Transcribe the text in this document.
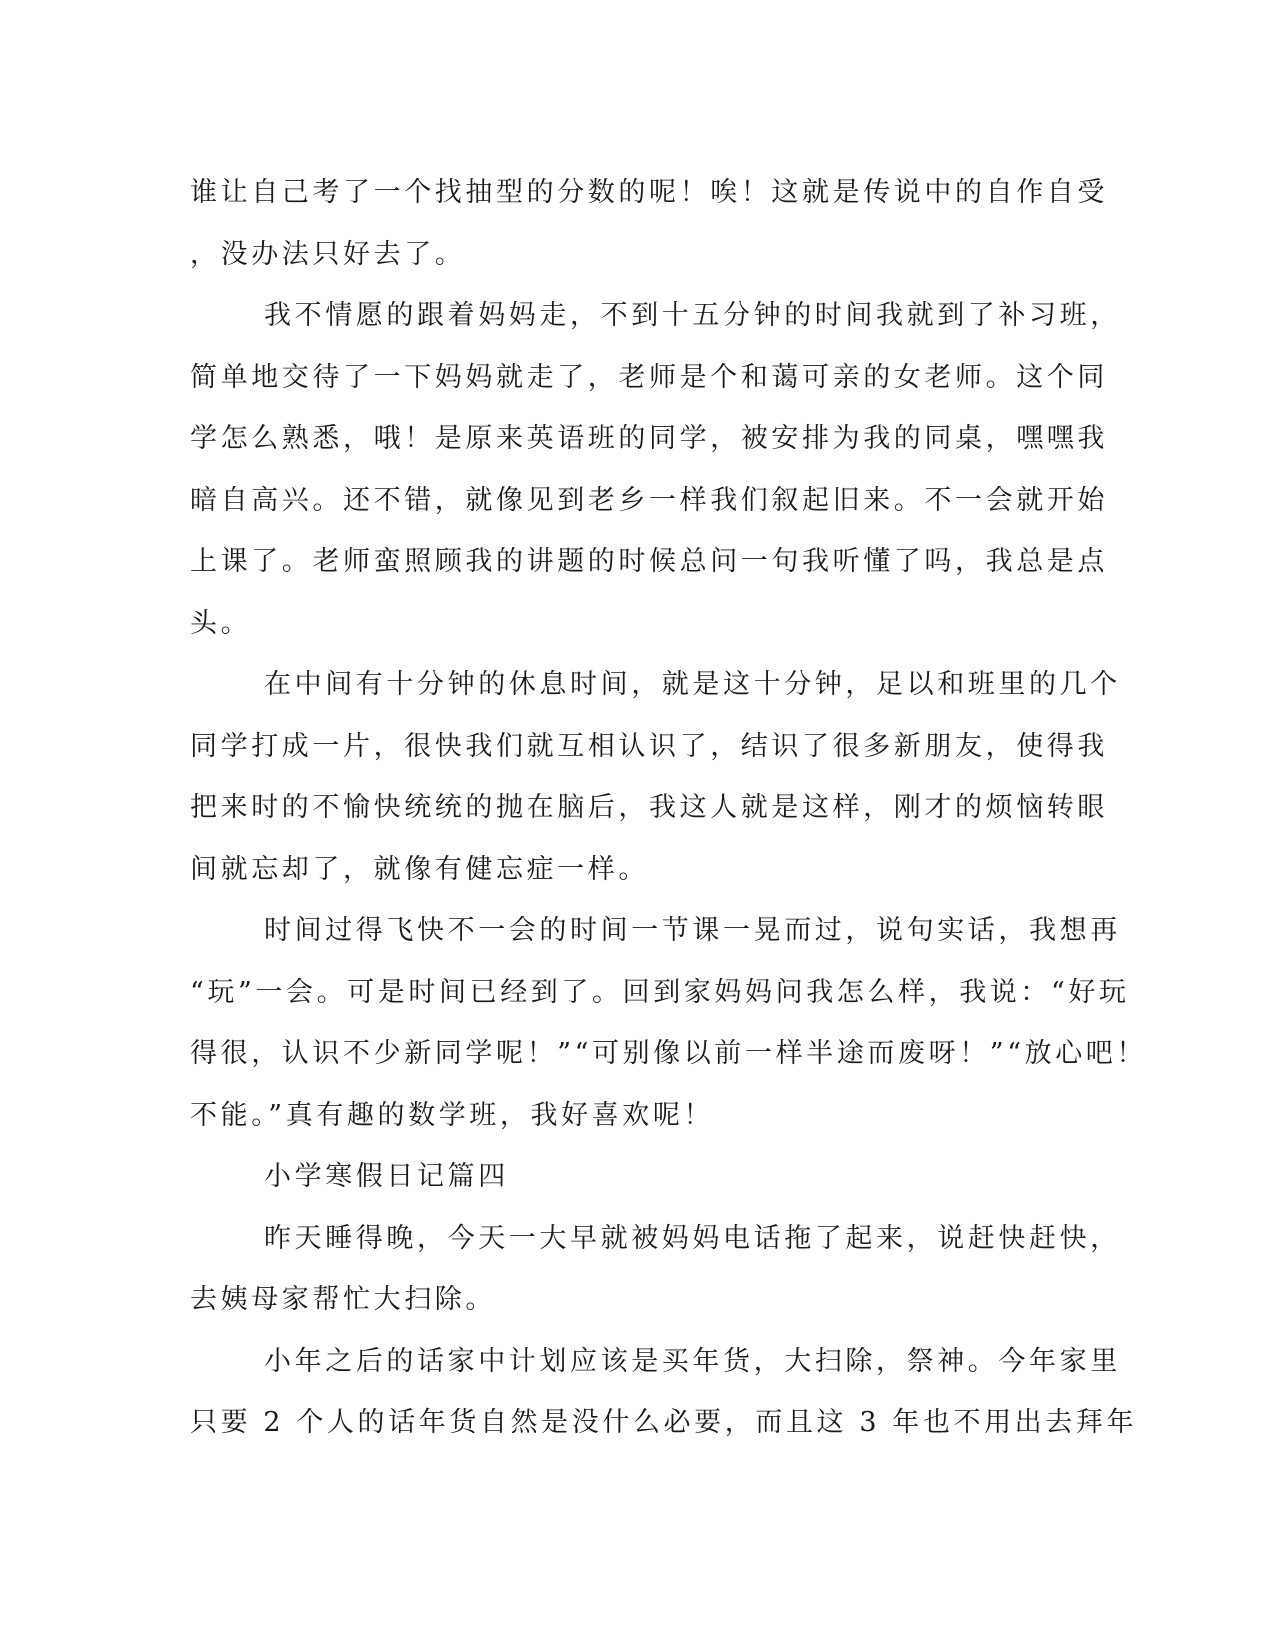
谁让自己考了一个找抽型的分数的呢！唉！这就是传说中的自作自受
，没办法只好去了。
我不情愿的跟着妈妈走，不到十五分钟的时间我就到了补习班，
简单地交待了一下妈妈就走了，老师是个和蔼可亲的女老师。这个同
学怎么熟悉，哦！是原来英语班的同学，被安排为我的同桌，嘿嘿我
暗自高兴。还不错，就像见到老乡一样我们叙起旧来。不一会就开始
上课了。老师蛮照顾我的讲题的时候总问一句我听懂了吗，我总是点
头。
在中间有十分钟的休息时间，就是这十分钟，足以和班里的几个
同学打成一片，很快我们就互相认识了，结识了很多新朋友，使得我
把来时的不愉快统统的抛在脑后，我这人就是这样，刚才的烦恼转眼
间就忘却了，就像有健忘症一样。
时间过得飞快不一会的时间一节课一晃而过，说句实话，我想再
“玩”一会。可是时间已经到了。回到家妈妈问我怎么样，我说：“好玩
得很，认识不少新同学呢！”“可别像以前一样半途而废呀！”“放心吧！
不能。”真有趣的数学班，我好喜欢呢！
小学寒假日记篇四
昨天睡得晚，今天一大早就被妈妈电话拖了起来，说赶快赶快，
去姨母家帮忙大扫除。
小年之后的话家中计划应该是买年货，大扫除，祭神。今年家里
只要 2 个人的话年货自然是没什么必要，而且这 3 年也不用出去拜年
